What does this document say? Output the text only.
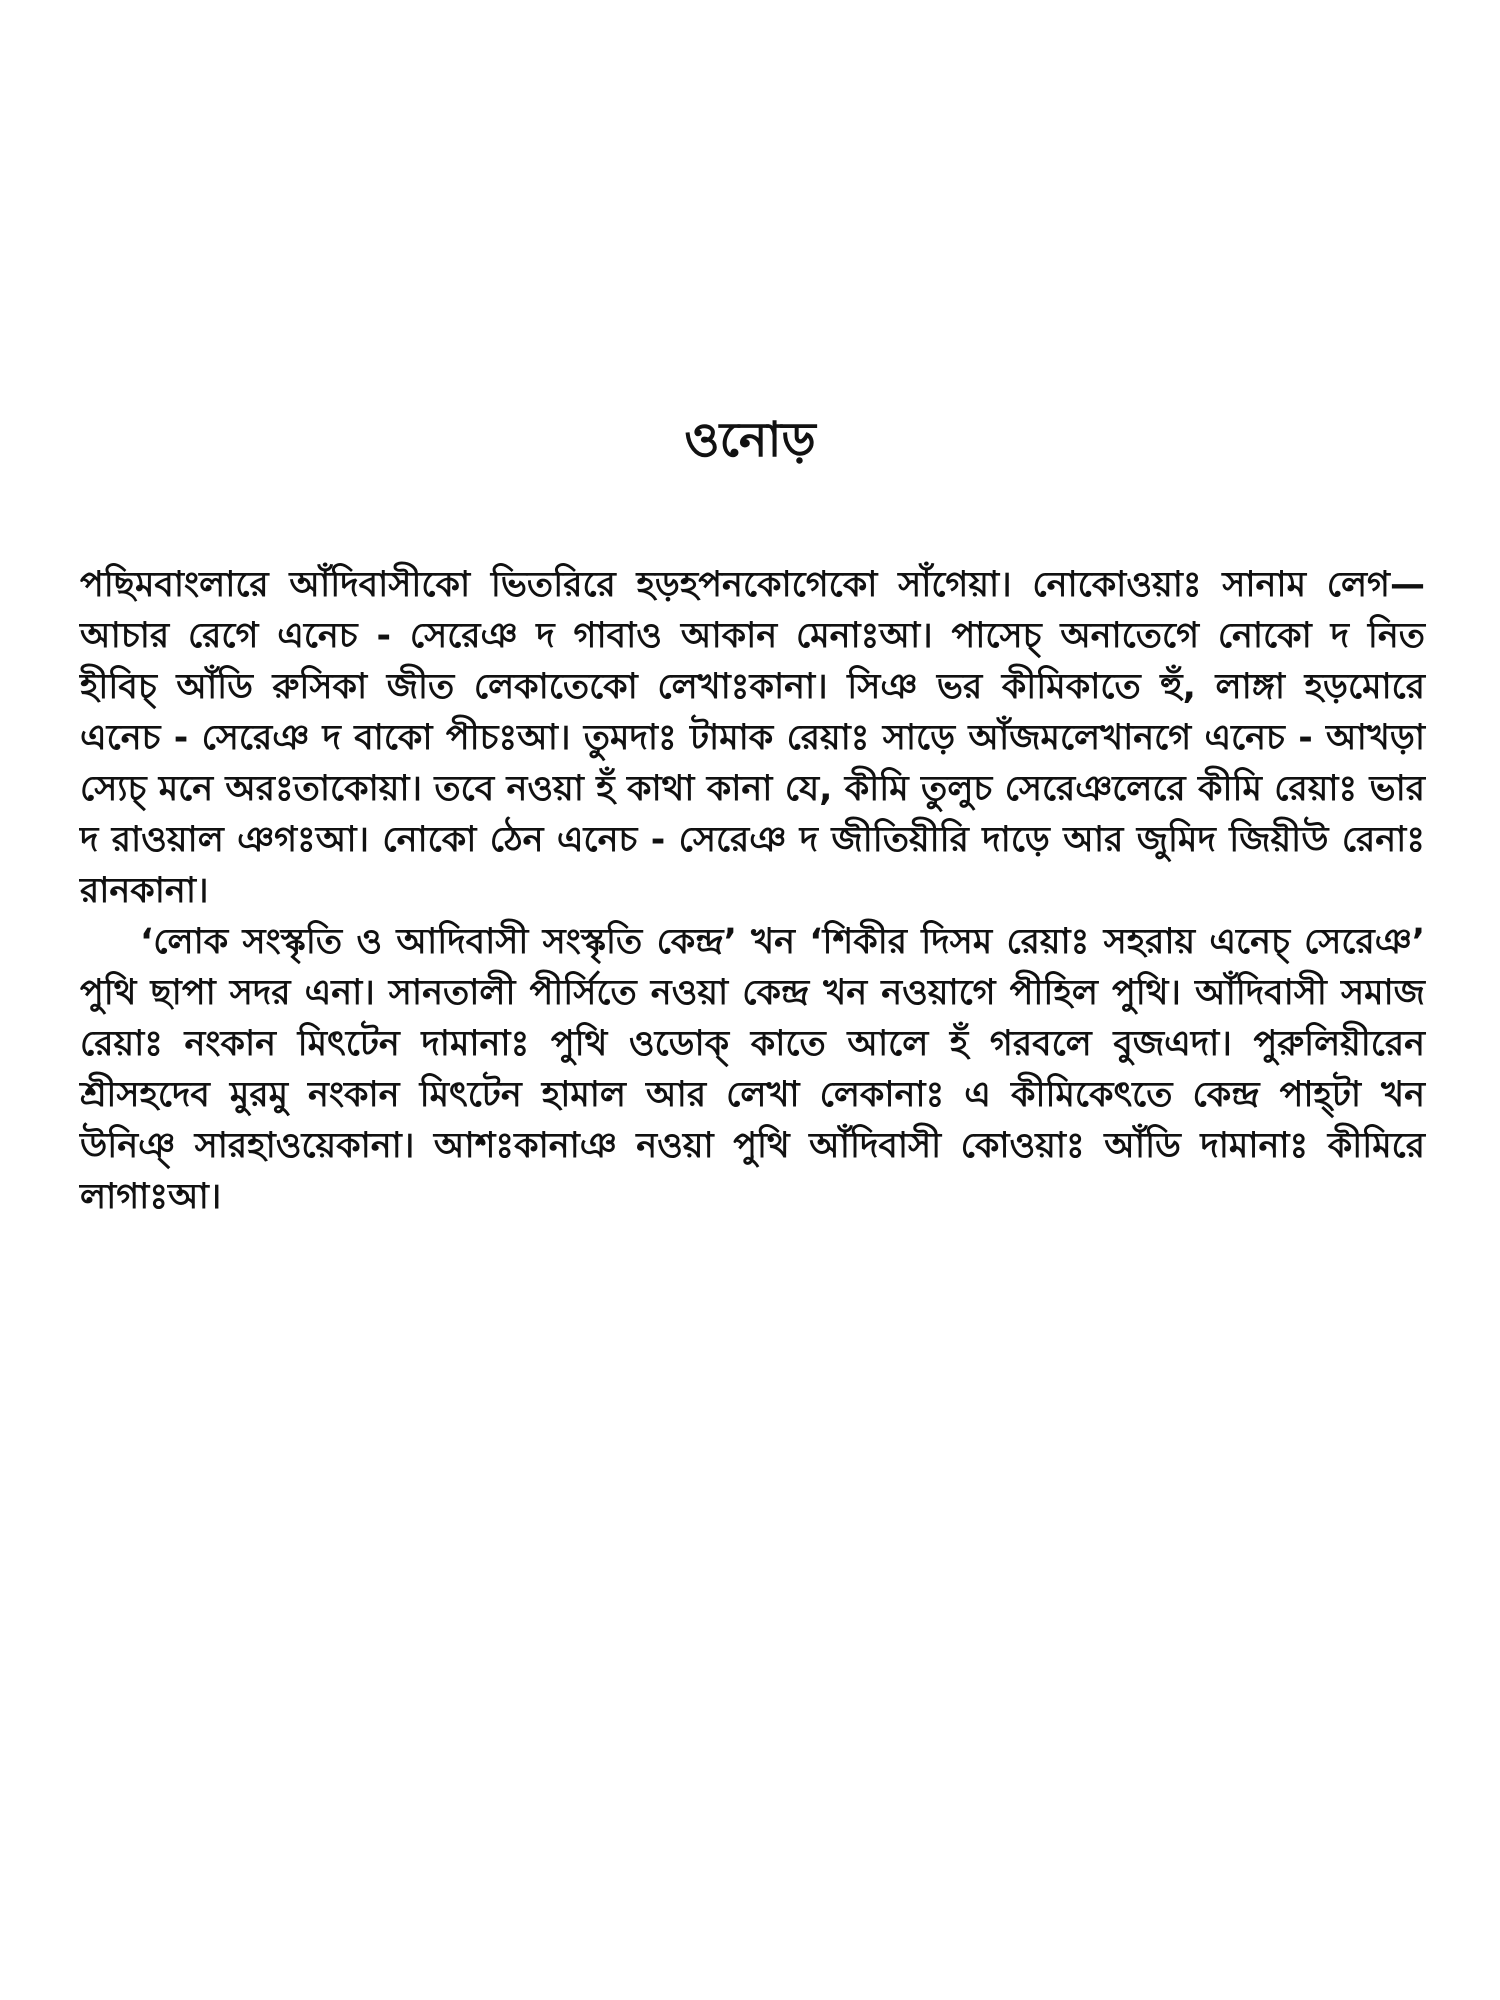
ওনোড়

পছিমবাংলারে আঁদিবাসীকো ভিতরিরে হড়হপনকোগেকো সাঁগেয়া। নোকোওয়াঃ সানাম লেগ— আচার রেগে এনেচ - সেরেঞ দ গাবাও আকান মেনাঃআ। পাসেচ্ অনাতেগে নোকো দ নিত হীবিচ্ আঁডি রুসিকা জীত লেকাতেকো লেখাঃকানা। সিঞ ভর কীমিকাতে হুঁ, লাঙ্গা হড়মোরে এনেচ - সেরেঞ দ বাকো পীচঃআ। তুমদাঃ টামাক রেয়াঃ সাড়ে আঁজমলেখানগে এনেচ - আখড়া স্যেচ্ মনে অরঃতাকোয়া। তবে নওয়া হঁ কাথা কানা যে, কীমি তুলুচ সেরেঞলেরে কীমি রেয়াঃ ভার দ রাওয়াল ঞগঃআ। নোকো ঠেন এনেচ - সেরেঞ দ জীতিয়ীরি দাড়ে আর জুমিদ জিয়ীউ রেনাঃ রানকানা।

‘লোক সংস্কৃতি ও আদিবাসী সংস্কৃতি কেন্দ্র’ খন ‘শিকীর দিসম রেয়াঃ সহরায় এনেচ্ সেরেঞ’ পুথি ছাপা সদর এনা। সানতালী পীর্সিতে নওয়া কেন্দ্র খন নওয়াগে পীহিল পুথি। আঁদিবাসী সমাজ রেয়াঃ নংকান মিৎটেন দামানাঃ পুথি ওডোক্ কাতে আলে হঁ গরবলে বুজএদা। পুরুলিয়ীরেন শ্রীসহদেব মুরমু নংকান মিৎটেন হামাল আর লেখা লেকানাঃ এ কীমিকেৎতে কেন্দ্র পাহ্টা খন উনিঞ্ সারহাওয়েকানা। আশঃকানাঞ নওয়া পুথি আঁদিবাসী কোওয়াঃ আঁডি দামানাঃ কীমিরে লাগাঃআ।
